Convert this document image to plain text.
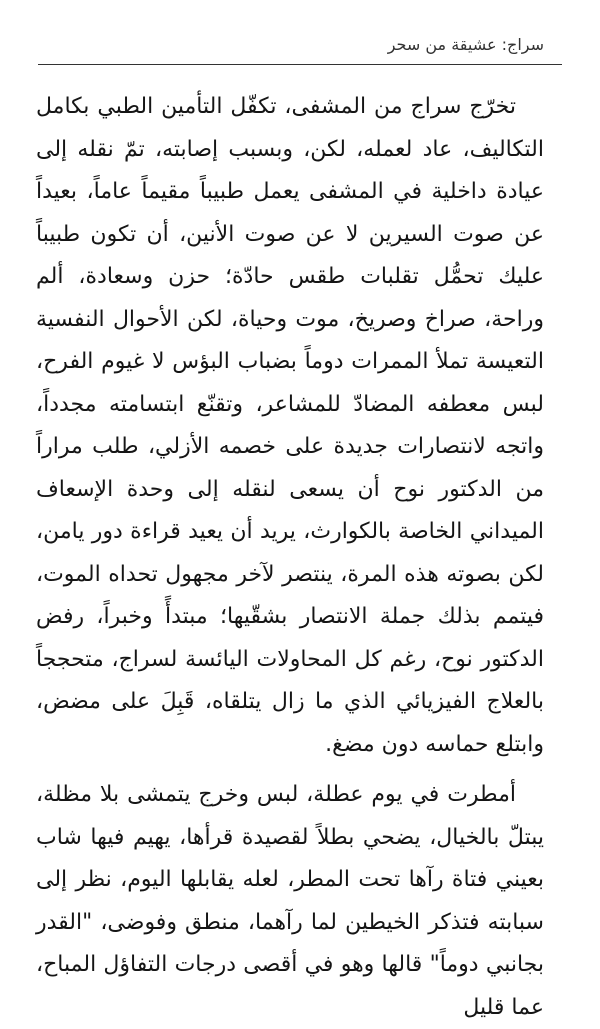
سراج: عشيقة من سحر

تخرّج سراج من المشفى، تكفّل التأمين الطبي بكامل التكاليف، عاد لعمله، لكن، وبسبب إصابته، تمّ نقله إلى عيادة داخلية في المشفى يعمل طبيباً مقيماً عاماً، بعيداً عن صوت السيرين لا عن صوت الأنين، أن تكون طبيباً عليك تحمُّل تقلبات طقس حادّة؛ حزن وسعادة، ألم وراحة، صراخ وصريخ، موت وحياة، لكن الأحوال النفسية التعيسة تملأ الممرات دوماً بضباب البؤس لا غيوم الفرح، لبس معطفه المضادّ للمشاعر، وتقنّع ابتسامته مجدداً، واتجه لانتصارات جديدة على خصمه الأزلي، طلب مراراً من الدكتور نوح أن يسعى لنقله إلى وحدة الإسعاف الميداني الخاصة بالكوارث، يريد أن يعيد قراءة دور يامن، لكن بصوته هذه المرة، ينتصر لآخر مجهول تحداه الموت، فيتمم بذلك جملة الانتصار بشقّيها؛ مبتدأً وخبراً، رفض الدكتور نوح، رغم كل المحاولات اليائسة لسراج، متحججاً بالعلاج الفيزيائي الذي ما زال يتلقاه، قَبِلَ على مضض، وابتلع حماسه دون مضغ.

أمطرت في يوم عطلة، لبس وخرج يتمشى بلا مظلة، يبتلّ بالخيال، يضحي بطلاً لقصيدة قرأها، يهيم فيها شاب بعيني فتاة رآها تحت المطر، لعله يقابلها اليوم، نظر إلى سبابته فتذكر الخيطين لما رآهما، منطق وفوضى، "القدر بجانبي دوماً" قالها وهو في أقصى درجات التفاؤل المباح، عما قليل
